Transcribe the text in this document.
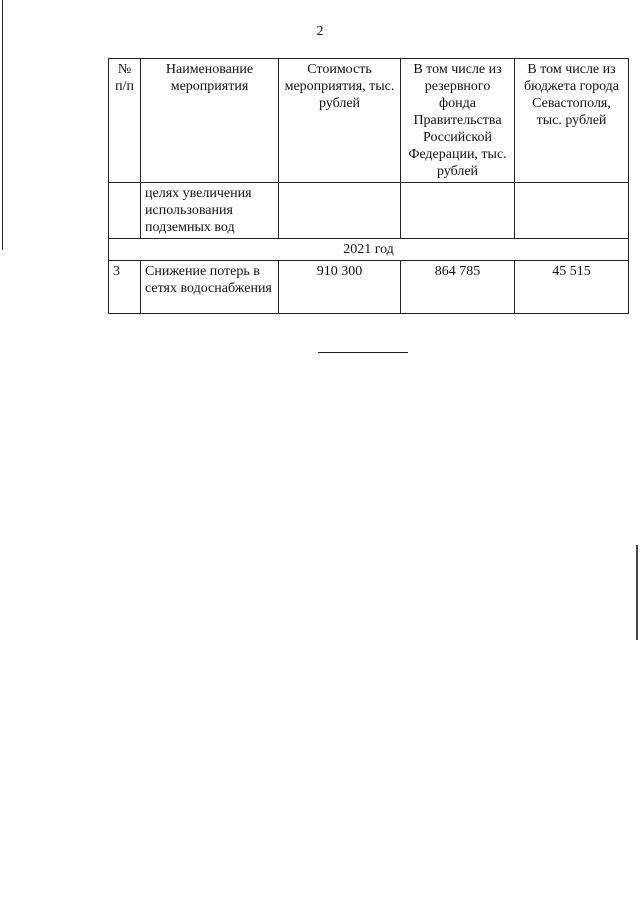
2
№ п/п	Наименование мероприятия	Стоимость мероприятия, тыс. рублей	В том числе из резервного фонда Правительства Российской Федерации, тыс. рублей	В том числе из бюджета города Севастополя, тыс. рублей
	целях увеличения использования подземных вод			
2021 год				
3	Снижение потерь в сетях водоснабжения	910 300	864 785	45 515
